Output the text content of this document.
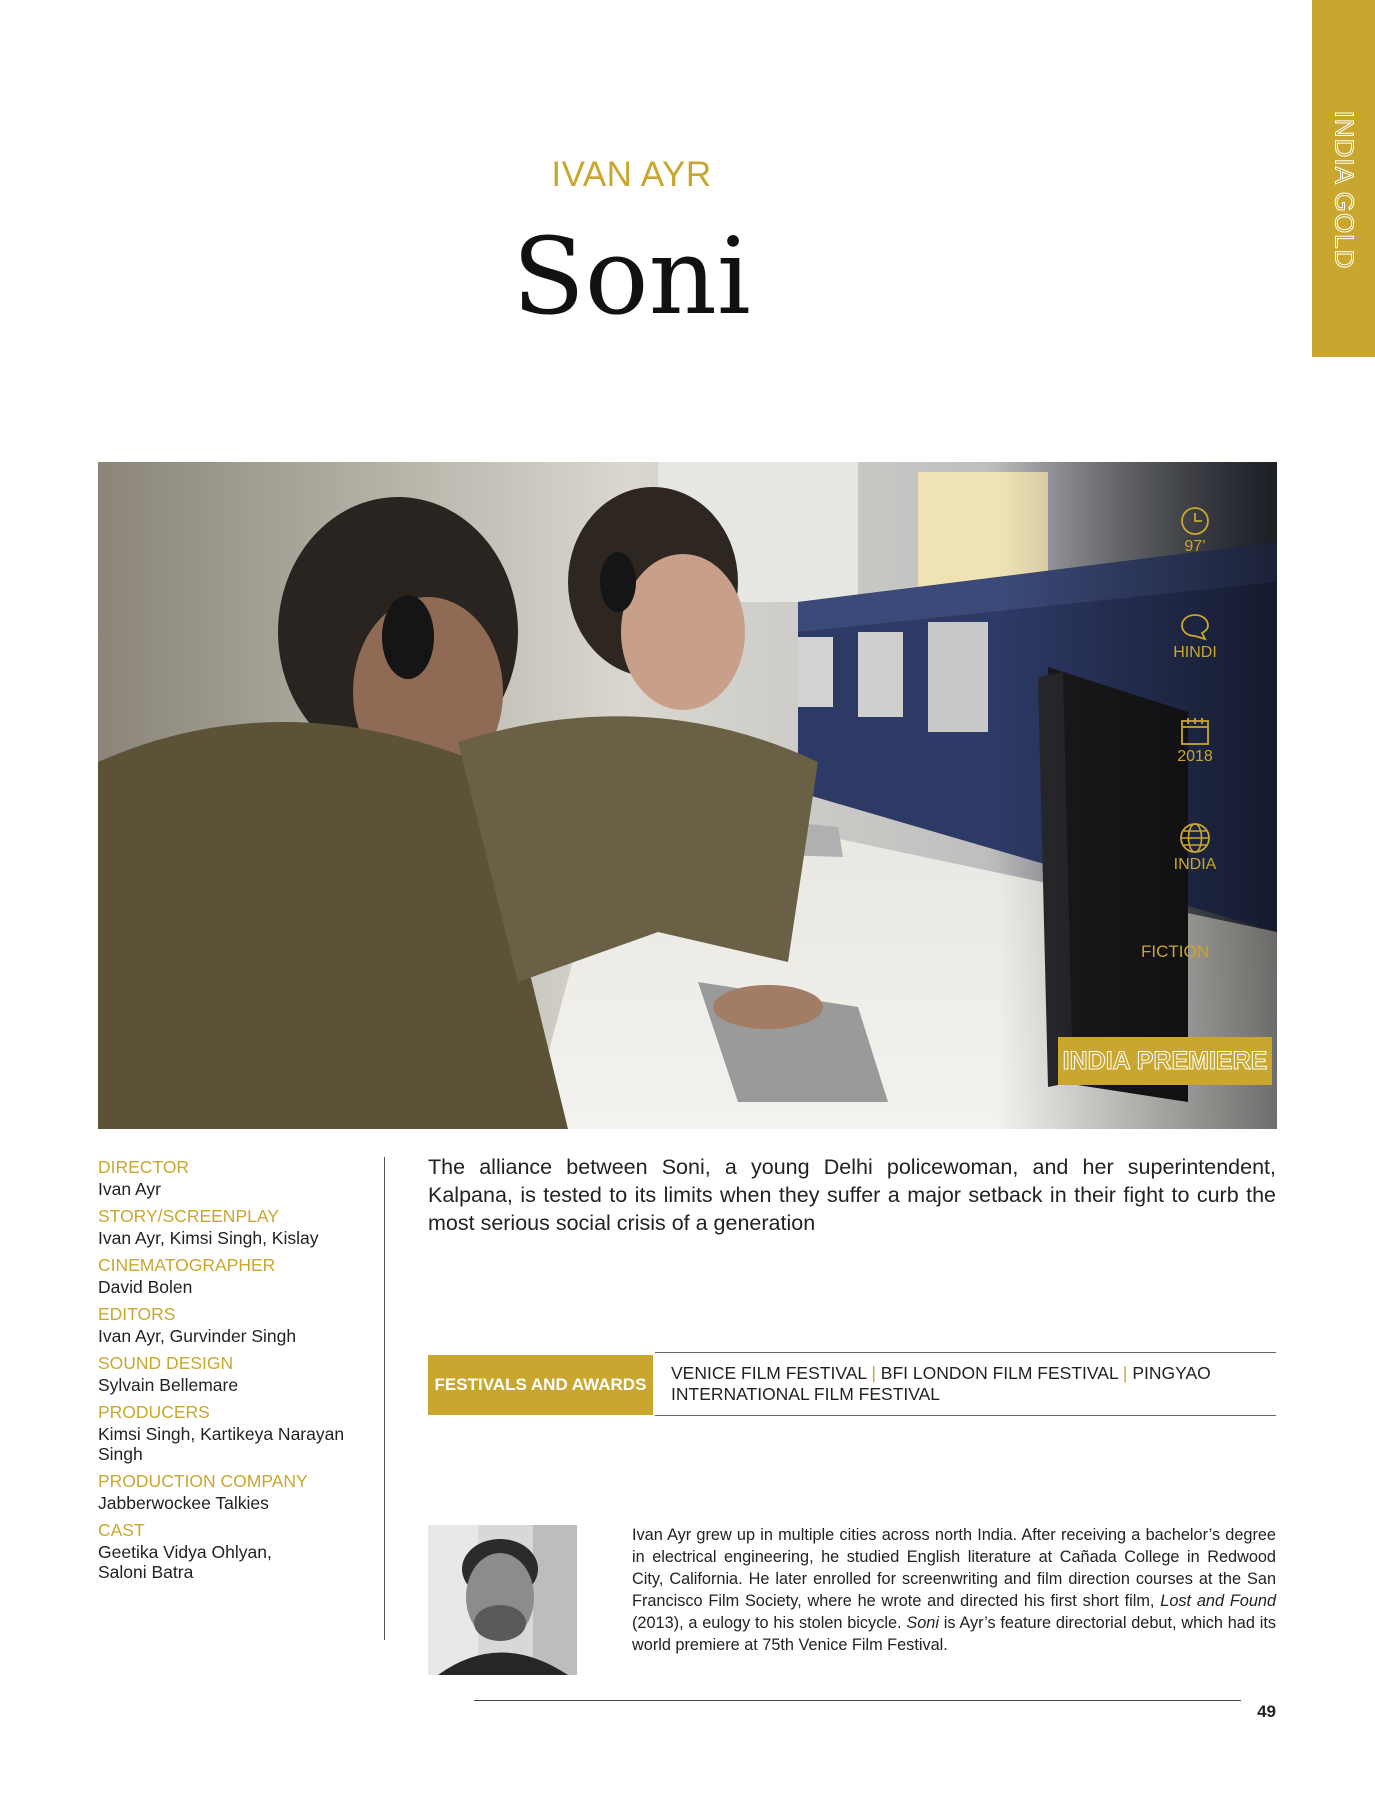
INDIA GOLD
IVAN AYR
Soni
97’
HINDI
2018
INDIA
FICTION
INDIA PREMIERE
DIRECTOR
Ivan Ayr
STORY/SCREENPLAY
Ivan Ayr, Kimsi Singh, Kislay
CINEMATOGRAPHER
David Bolen
EDITORS
Ivan Ayr, Gurvinder Singh
SOUND DESIGN
Sylvain Bellemare
PRODUCERS
Kimsi Singh, Kartikeya Narayan Singh
PRODUCTION COMPANY
Jabberwockee Talkies
CAST
Geetika Vidya Ohlyan, Saloni Batra
The alliance between Soni, a young Delhi policewoman, and her superintendent, Kalpana, is tested to its limits when they suffer a major setback in their fight to curb the most serious social crisis of a generation
FESTIVALS AND AWARDS
VENICE FILM FESTIVAL | BFI LONDON FILM FESTIVAL | PINGYAO INTERNATIONAL FILM FESTIVAL
Ivan Ayr grew up in multiple cities across north India. After receiving a bachelor’s degree in electrical engineering, he studied English literature at Cañada College in Redwood City, California. He later enrolled for screenwriting and film direction courses at the San Francisco Film Society, where he wrote and directed his first short film, Lost and Found (2013), a eulogy to his stolen bicycle. Soni is Ayr’s feature directorial debut, which had its world premiere at 75th Venice Film Festival.
49
